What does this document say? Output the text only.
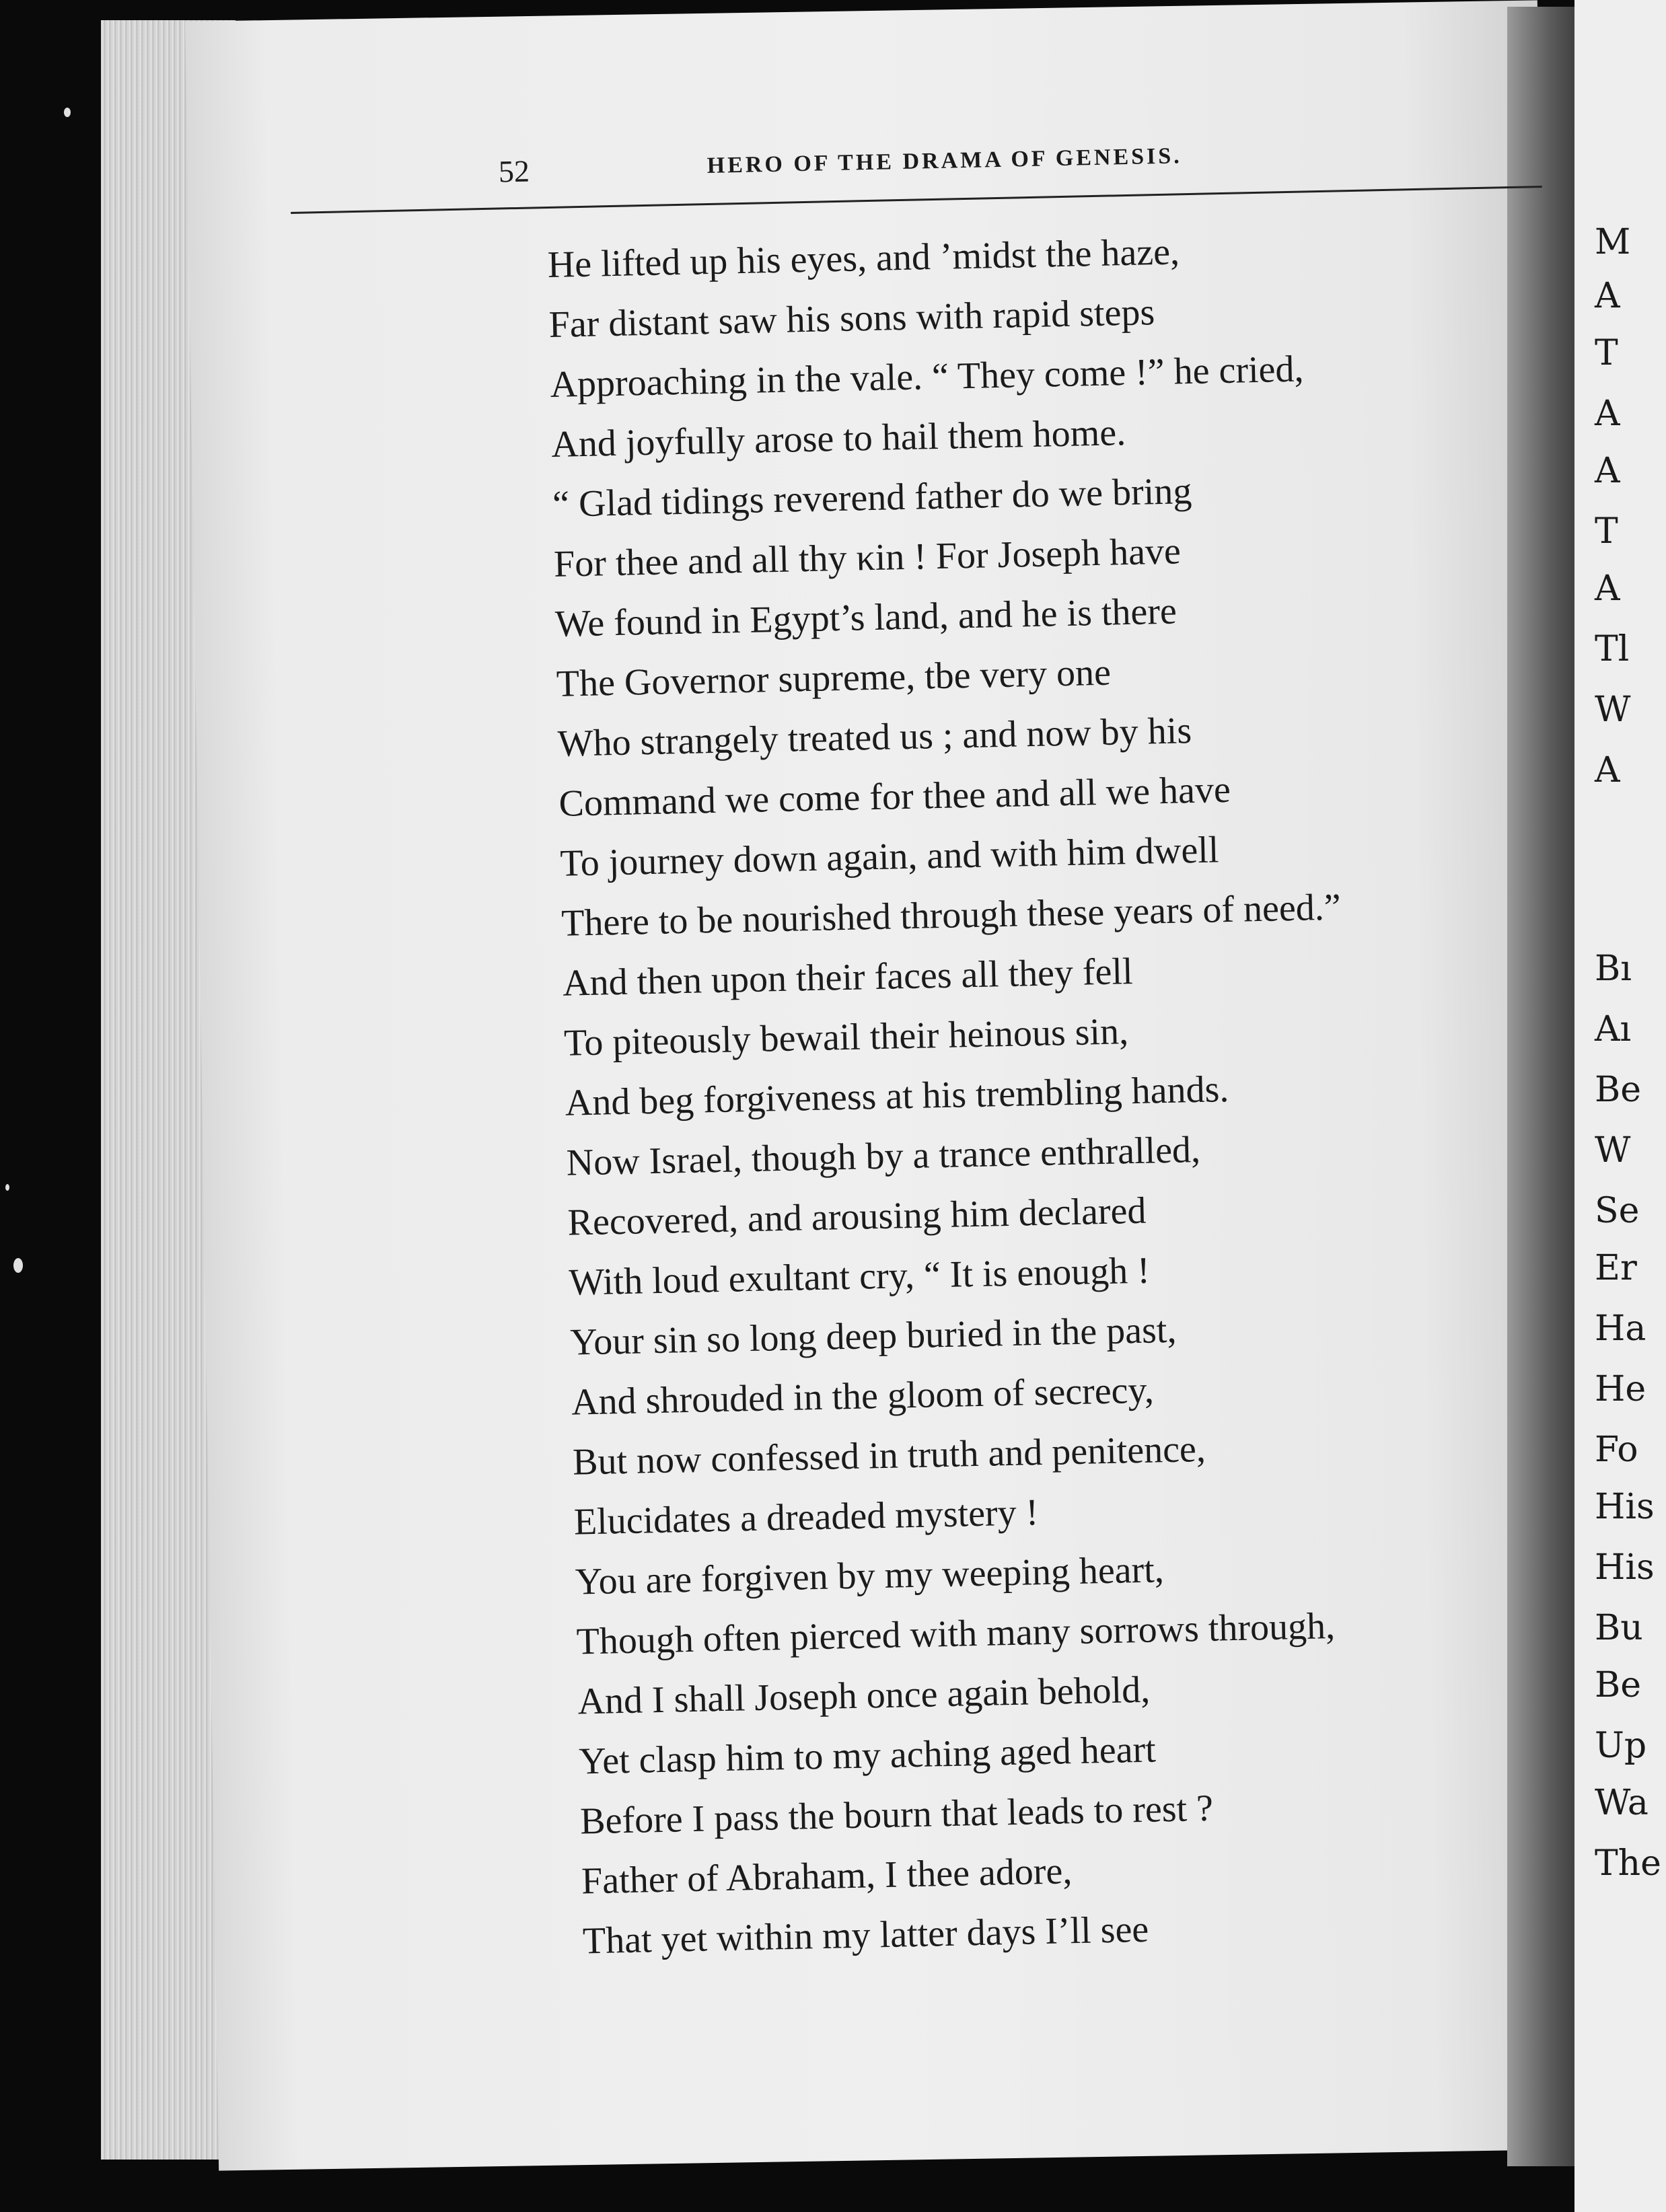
M
A
T
A
A
T
A
Tl
W
A
Bı
Aı
Be
W
Se
Er
Ha
He
Fo
His
His
Bu
Be
Up
Wa
The
52	HERO OF THE DRAMA OF GENESIS.
He lifted up his eyes, and ’midst the haze,
Far distant saw his sons with rapid steps
Approaching in the vale. “ They come !” he cried,
And joyfully arose to hail them home.
“ Glad tidings reverend father do we bring
For thee and all thy κin ! For Joseph have
We found in Egypt’s land, and he is there
The Governor supreme, tbe very one
Who strangely treated us ; and now by his
Command we come for thee and all we have
To journey down again, and with him dwell
There to be nourished through these years of need.”
And then upon their faces all they fell
To piteously bewail their heinous sin,
And beg forgiveness at his trembling hands.
Now Israel, though by a trance enthralled,
Recovered, and arousing him declared
With loud exultant cry, “ It is enough !
Your sin so long deep buried in the past,
And shrouded in the gloom of secrecy,
But now confessed in truth and penitence,
Elucidates a dreaded mystery !
You are forgiven by my weeping heart,
Though often pierced with many sorrows through,
And I shall Joseph once again behold,
Yet clasp him to my aching aged heart
Before I pass the bourn that leads to rest ?
Father of Abraham, I thee adore,
That yet within my latter days I’ll see
